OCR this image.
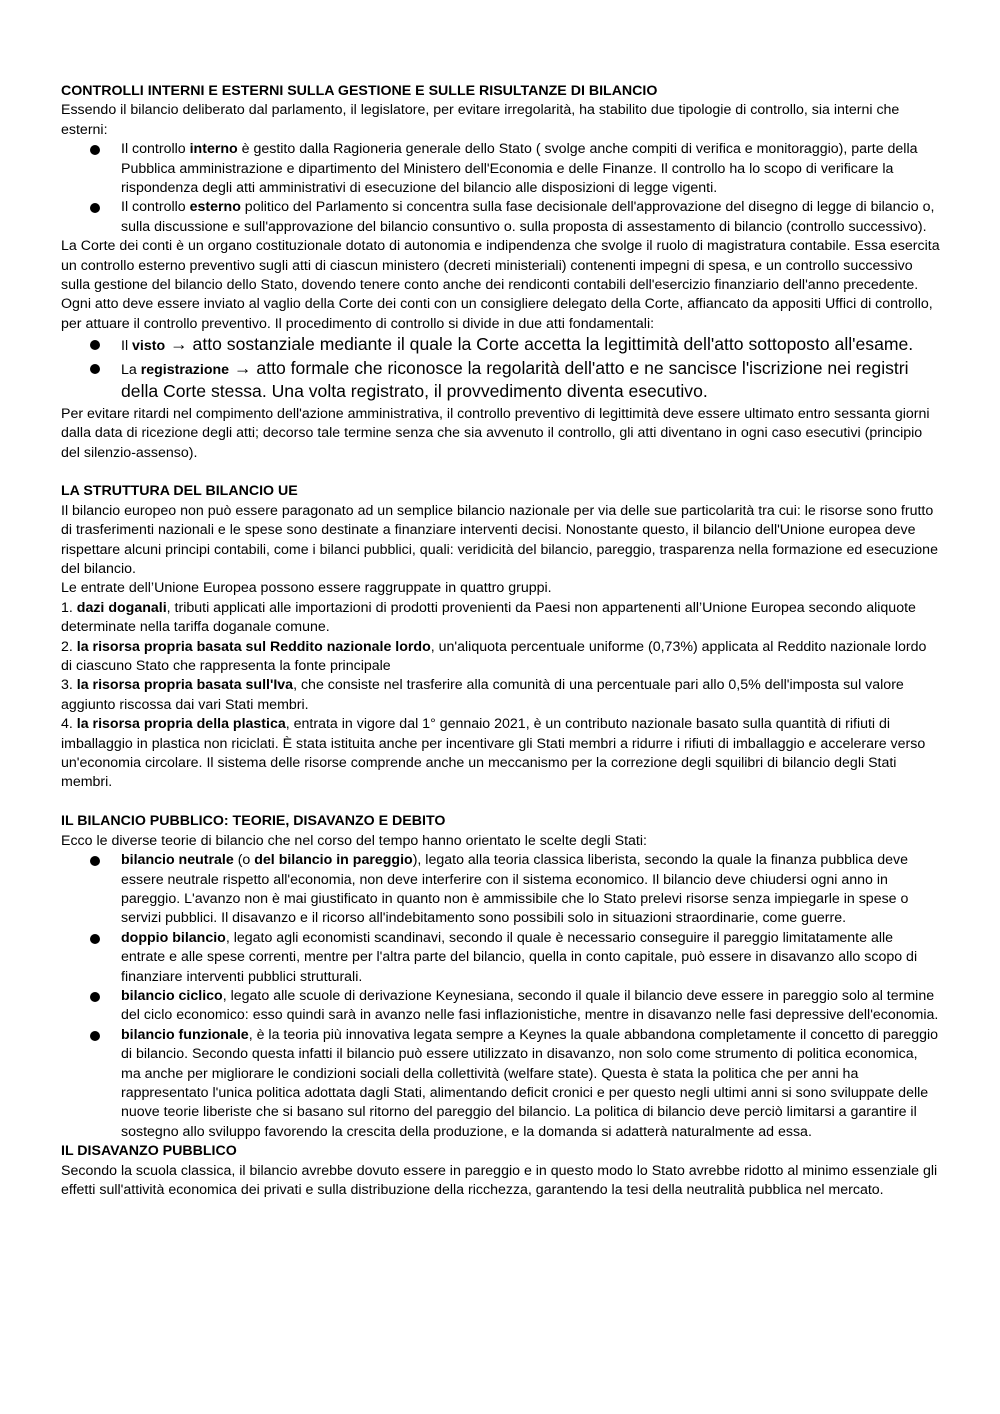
CONTROLLI INTERNI E ESTERNI SULLA GESTIONE E SULLE RISULTANZE DI BILANCIO

Essendo il bilancio deliberato dal parlamento, il legislatore, per evitare irregolarità, ha stabilito due tipologie di controllo, sia interni che esterni:

Il controllo interno è gestito dalla Ragioneria generale dello Stato ( svolge anche compiti di verifica e monitoraggio), parte della Pubblica amministrazione e dipartimento del Ministero dell'Economia e delle Finanze. Il controllo ha lo scopo di verificare la rispondenza degli atti amministrativi di esecuzione del bilancio alle disposizioni di legge vigenti.
Il controllo esterno politico del Parlamento si concentra sulla fase decisionale dell'approvazione del disegno di legge di bilancio o, sulla discussione e sull'approvazione del bilancio consuntivo o. sulla proposta di assestamento di bilancio (controllo successivo).

La Corte dei conti è un organo costituzionale dotato di autonomia e indipendenza che svolge il ruolo di magistratura contabile. Essa esercita un controllo esterno preventivo sugli atti di ciascun ministero (decreti ministeriali) contenenti impegni di spesa, e un controllo successivo sulla gestione del bilancio dello Stato, dovendo tenere conto anche dei rendiconti contabili dell'esercizio finanziario dell'anno precedente. Ogni atto deve essere inviato al vaglio della Corte dei conti con un consigliere delegato della Corte, affiancato da appositi Uffici di controllo, per attuare il controllo preventivo. Il procedimento di controllo si divide in due atti fondamentali:

Il visto → atto sostanziale mediante il quale la Corte accetta la legittimità dell'atto sottoposto all'esame.
La registrazione → atto formale che riconosce la regolarità dell'atto e ne sancisce l'iscrizione nei registri della Corte stessa. Una volta registrato, il provvedimento diventa esecutivo.

Per evitare ritardi nel compimento dell'azione amministrativa, il controllo preventivo di legittimità deve essere ultimato entro sessanta giorni dalla data di ricezione degli atti; decorso tale termine senza che sia avvenuto il controllo, gli atti diventano in ogni caso esecutivi (principio del silenzio-assenso).

LA STRUTTURA DEL BILANCIO UE

Il bilancio europeo non può essere paragonato ad un semplice bilancio nazionale per via delle sue particolarità tra cui: le risorse sono frutto di trasferimenti nazionali e le spese sono destinate a finanziare interventi decisi. Nonostante questo, il bilancio dell'Unione europea deve rispettare alcuni principi contabili, come i bilanci pubblici, quali: veridicità del bilancio, pareggio, trasparenza nella formazione ed esecuzione del bilancio.

Le entrate dell’Unione Europea possono essere raggruppate in quattro gruppi.

1. dazi doganali, tributi applicati alle importazioni di prodotti provenienti da Paesi non appartenenti all’Unione Europea secondo aliquote determinate nella tariffa doganale comune.

2. la risorsa propria basata sul Reddito nazionale lordo, un'aliquota percentuale uniforme (0,73%) applicata al Reddito nazionale lordo di ciascuno Stato che rappresenta la fonte principale

3. la risorsa propria basata sull'Iva, che consiste nel trasferire alla comunità di una percentuale pari allo 0,5% dell'imposta sul valore aggiunto riscossa dai vari Stati membri.

4. la risorsa propria della plastica, entrata in vigore dal 1° gennaio 2021, è un contributo nazionale basato sulla quantità di rifiuti di imballaggio in plastica non riciclati. È stata istituita anche per incentivare gli Stati membri a ridurre i rifiuti di imballaggio e accelerare verso un'economia circolare. Il sistema delle risorse comprende anche un meccanismo per la correzione degli squilibri di bilancio degli Stati membri.

IL BILANCIO PUBBLICO: TEORIE, DISAVANZO E DEBITO

Ecco le diverse teorie di bilancio che nel corso del tempo hanno orientato le scelte degli Stati:

bilancio neutrale (o del bilancio in pareggio), legato alla teoria classica liberista, secondo la quale la finanza pubblica deve essere neutrale rispetto all'economia, non deve interferire con il sistema economico. Il bilancio deve chiudersi ogni anno in pareggio. L'avanzo non è mai giustificato in quanto non è ammissibile che lo Stato prelevi risorse senza impiegarle in spese o servizi pubblici. Il disavanzo e il ricorso all'indebitamento sono possibili solo in situazioni straordinarie, come guerre.
doppio bilancio, legato agli economisti scandinavi, secondo il quale è necessario conseguire il pareggio limitatamente alle entrate e alle spese correnti, mentre per l'altra parte del bilancio, quella in conto capitale, può essere in disavanzo allo scopo di finanziare interventi pubblici strutturali.
bilancio ciclico, legato alle scuole di derivazione Keynesiana, secondo il quale il bilancio deve essere in pareggio solo al termine del ciclo economico: esso quindi sarà in avanzo nelle fasi inflazionistiche, mentre in disavanzo nelle fasi depressive dell'economia.
bilancio funzionale, è la teoria più innovativa legata sempre a Keynes la quale abbandona completamente il concetto di pareggio di bilancio. Secondo questa infatti il bilancio può essere utilizzato in disavanzo, non solo come strumento di politica economica, ma anche per migliorare le condizioni sociali della collettività (welfare state). Questa è stata la politica che per anni ha rappresentato l'unica politica adottata dagli Stati, alimentando deficit cronici e per questo negli ultimi anni si sono sviluppate delle nuove teorie liberiste che si basano sul ritorno del pareggio del bilancio. La politica di bilancio deve perciò limitarsi a garantire il sostegno allo sviluppo favorendo la crescita della produzione, e la domanda si adatterà naturalmente ad essa.
IL DISAVANZO PUBBLICO

Secondo la scuola classica, il bilancio avrebbe dovuto essere in pareggio e in questo modo lo Stato avrebbe ridotto al minimo essenziale gli effetti sull'attività economica dei privati e sulla distribuzione della ricchezza, garantendo la tesi della neutralità pubblica nel mercato.
